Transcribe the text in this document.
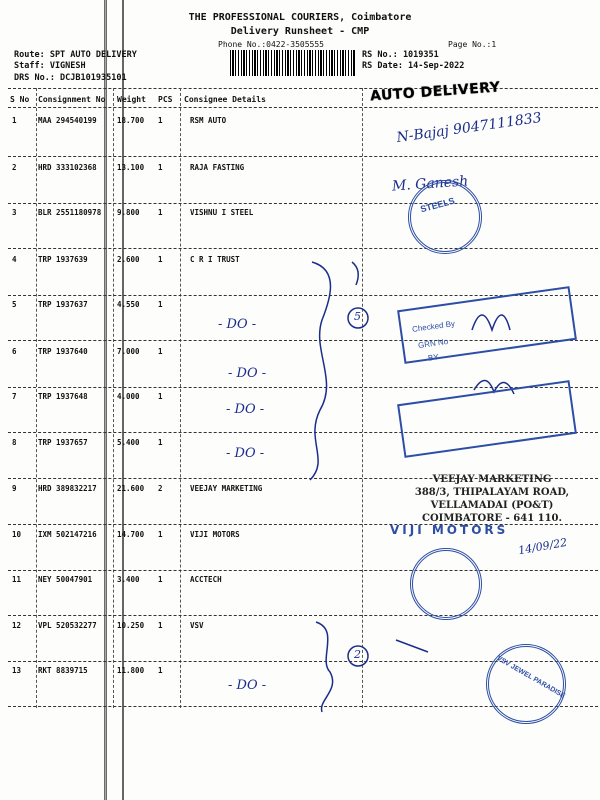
THE PROFESSIONAL COURIERS, Coimbatore
Delivery Runsheet - CMP
Phone No.:0422-3505555	Page No.:1
Route: SPT AUTO DELIVERY
Staff: VIGNESH
DRS No.: DCJB101935101
RS No.: 1019351
RS Date: 14-Sep-2022
S No Consignment No Weight PCS Consignee Details
1	MAA 294540199	18.700 1	RSM AUTO
2	HRD 333102368	13.100 1	RAJA FASTING
3	BLR 2551180978 9.800 1	VISHNU I STEEL
4	TRP 1937639	2.600 1	C R I TRUST
5	TRP 1937637	4.550 1
6	TRP 1937640	7.000 1
7	TRP 1937648	4.000 1
8	TRP 1937657	5.400 1
9	HRD 389832217	21.600 2	VEEJAY MARKETING
10 IXM 502147216	14.700 1	VIJI MOTORS
11 NEY 50047901	3.400 1	ACCTECH
12 VPL 520532277	10.250 1	VSV
13 RKT 8839715	11.800 1
AUTO DELIVERY
N-Bajaj 9047111833
M. Ganesh
- DO -
- DO -
- DO -
- DO -
- DO -
14/09/22
5
2
STEELS
Checked By
GRN No
BY
VEEJAY MARKETING
388/3, THIPALAYAM ROAD,
VELLAMADAI (PO&T)
COIMBATORE - 641 110.
VIJI MOTORS
VSV JEWEL PARADISE
